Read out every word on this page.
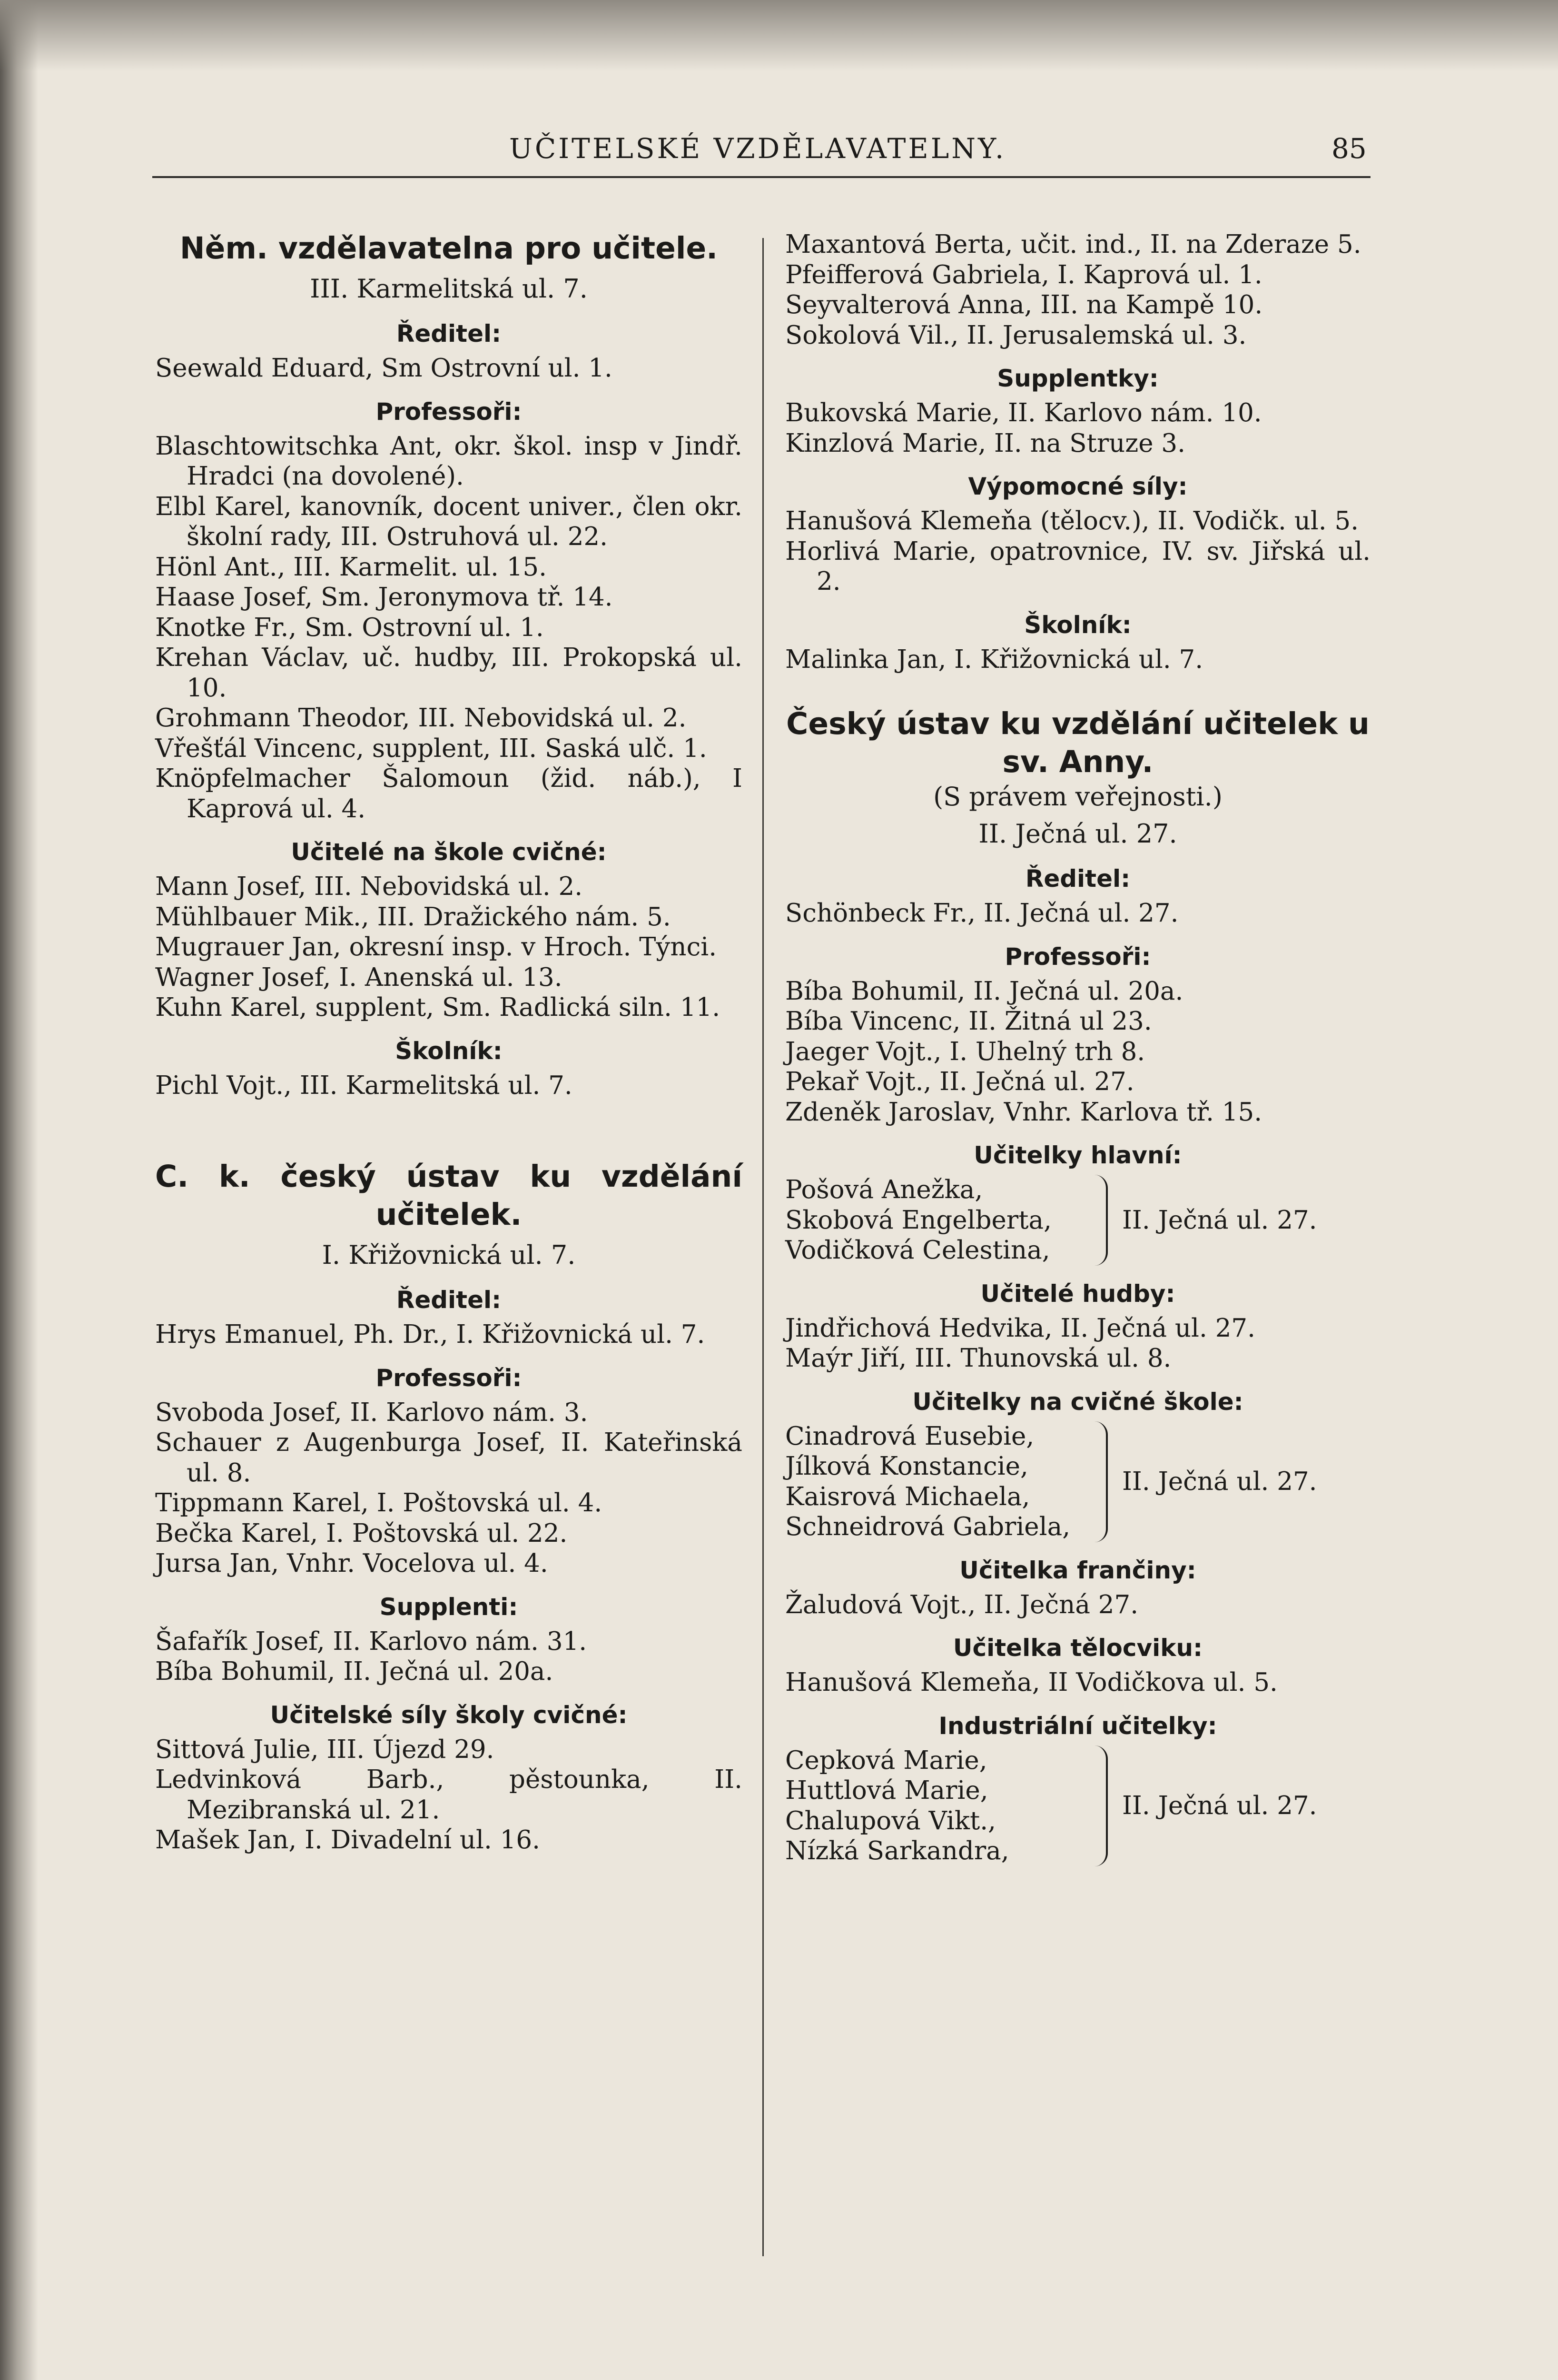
UČITELSKÉ VZDĚLAVATELNY.	85
Něm. vzdělavatelna pro učitele.

III. Karmelitská ul. 7.

Ředitel:

Seewald Eduard, Sm Ostrovní ul. 1.

Professoři:

Blaschtowitschka Ant, okr. škol. insp v Jindř. Hradci (na dovolené).

Elbl Karel, kanovník, docent univer., člen okr. školní rady, III. Ostruhová ul. 22.

Hönl Ant., III. Karmelit. ul. 15.

Haase Josef, Sm. Jeronymova tř. 14.

Knotke Fr., Sm. Ostrovní ul. 1.

Krehan Václav, uč. hudby, III. Prokopská ul. 10.

Grohmann Theodor, III. Nebovidská ul. 2.

Vřešťál Vincenc, supplent, III. Saská ulč. 1.

Knöpfelmacher Šalomoun (žid. náb.), I Kaprová ul. 4.

Učitelé na škole cvičné:

Mann Josef, III. Nebovidská ul. 2.

Mühlbauer Mik., III. Dražického nám. 5.

Mugrauer Jan, okresní insp. v Hroch. Týnci.

Wagner Josef, I. Anenská ul. 13.

Kuhn Karel, supplent, Sm. Radlická siln. 11.

Školník:

Pichl Vojt., III. Karmelitská ul. 7.

C. k. český ústav ku vzdělání učitelek.

I. Křižovnická ul. 7.

Ředitel:

Hrys Emanuel, Ph. Dr., I. Křižovnická ul. 7.

Professoři:

Svoboda Josef, II. Karlovo nám. 3.

Schauer z Augenburga Josef, II. Kateřinská ul. 8.

Tippmann Karel, I. Poštovská ul. 4.

Bečka Karel, I. Poštovská ul. 22.

Jursa Jan, Vnhr. Vocelova ul. 4.

Supplenti:

Šafařík Josef, II. Karlovo nám. 31.

Bíba Bohumil, II. Ječná ul. 20a.

Učitelské síly školy cvičné:

Sittová Julie, III. Újezd 29.

Ledvinková Barb., pěstounka, II. Mezibranská ul. 21.

Mašek Jan, I. Divadelní ul. 16.

Maxantová Berta, učit. ind., II. na Zderaze 5.

Pfeifferová Gabriela, I. Kaprová ul. 1.

Seyvalterová Anna, III. na Kampě 10.

Sokolová Vil., II. Jerusalemská ul. 3.

Supplentky:

Bukovská Marie, II. Karlovo nám. 10.

Kinzlová Marie, II. na Struze 3.

Výpomocné síly:

Hanušová Klemeňa (tělocv.), II. Vodičk. ul. 5.

Horlivá Marie, opatrovnice, IV. sv. Jiřská ul. 2.

Školník:

Malinka Jan, I. Křižovnická ul. 7.

Český ústav ku vzdělání učitelek u sv. Anny.

(S právem veřejnosti.)

II. Ječná ul. 27.

Ředitel:

Schönbeck Fr., II. Ječná ul. 27.

Professoři:

Bíba Bohumil, II. Ječná ul. 20a.

Bíba Vincenc, II. Žitná ul 23.

Jaeger Vojt., I. Uhelný trh 8.

Pekař Vojt., II. Ječná ul. 27.

Zdeněk Jaroslav, Vnhr. Karlova tř. 15.

Učitelky hlavní:

Pošová Anežka,

Skobová Engelberta,

Vodičková Celestina,

II. Ječná ul. 27.

Učitelé hudby:

Jindřichová Hedvika, II. Ječná ul. 27.

Maýr Jiří, III. Thunovská ul. 8.

Učitelky na cvičné škole:

Cinadrová Eusebie,

Jílková Konstancie,

Kaisrová Michaela,

Schneidrová Gabriela,

II. Ječná ul. 27.

Učitelka frančiny:

Žaludová Vojt., II. Ječná 27.

Učitelka tělocviku:

Hanušová Klemeňa, II Vodičkova ul. 5.

Industriální učitelky:

Cepková Marie,

Huttlová Marie,

Chalupová Vikt.,

Nízká Sarkandra,

II. Ječná ul. 27.
